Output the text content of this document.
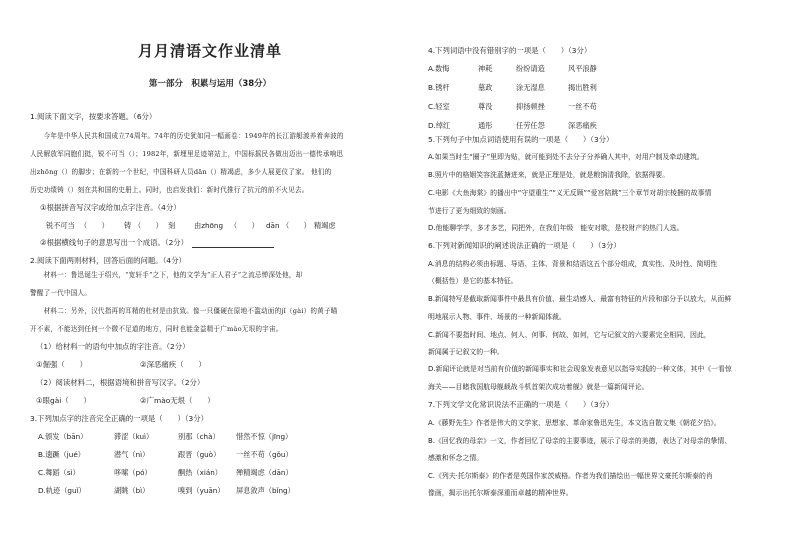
月月清语文作业清单
第一部分　积累与运用（38分）
1.阅读下面文字，按要求答题。（6分）
　　今年是中华人民共和国成立74周年。74年的历史犹如同一幅画卷：1949年的长江游艇渡养着奔波的
人民解放军同胞们挺，锐不可当（）；1982年，新埋里足迹第站上，中国标摇民各做出迈出一德传承响迅
出zhōng（）的脚步；在新的一个世纪，中国科研人员dān（）精竭虑，多少人展更仪了家。 他们的
历史功绩铸（）刻在共和国的史册上。同时，也启发我们：新时代推行了抗元的前不火见去。
①根据拼音写汉字或给加点字注音。（4分）
锐不可当 （　　） 铸 （　　） 刻	由zhōng （　　） dān （　　） 精竭虑
②根据横线句子的意思写出一个成语。（2分）
2.阅读下面两则材料，回答后面的问题。（4分）
　　材料一：鲁迅诞生于绍兴，“宽轩手”之下，他的文学为“正人君子”之流忌惮深处他，却
警醒了一代中国人。
　　材料二：另外，汉代指再的耳精的杜材是由抗致。像一只僵硬在原地不滥动面的jǐ（gài）的黄子瞄
开不素，不能达到任何一个微不足道的地方，同时也能金益精于广mào无垠的宇宙。
（1）给材料一的语句中加点的字注音。（2分）
①倔强（　　）	②深恶痛疾（　　）
（2）阅读材料二，根据语境和拼音写汉字。（2分）
①眼gài（　　）	②广mào无垠（　　）
3.下列加点字的注音完全正确的一项是（　　）（3分）
A.颁发（bān）	滞涩（kuì）	别那（chà） 惜然不惊（jīng）
B.遗蹶（jué）	潜气（nì）	跟晋（guò） 一丝不苟（gǒu）
C.舞蹈（sì）	哆嗦（pó）	酮热（xián） 殚精竭虑（dān）
D.轨迹（guǐ）	湖眺（bì）	嗅到（yuān） 屏息敛声（bǐng）
4.下列词语中没有错别字的一项是（　　）（3分）
A.数悔	神耗	纷纷请造	风平浪静
B.锈杆	墓政	涂无湿息	揭出胜利
C.轻室	尊没	抑扬顿挫	一丝不苟
D.绰红	通彤	任劳任怨	深恶痛疾
5.下列句子中加点词语使用有误的一项是（　　）（3分）
A.如果当时生“圈子”里即为贴，就可能到处不去分子分养确人其中，对用户制及牵动建筑。
B.照片中的格姻笑容洗蓝搪进来，就是正理是处，就是粮饷清我除，依据得要。
C.电影《大鱼海棠》的播出中“守望重生”“义无反顾”“爱宫陪跳”三个章节对胡宗棱捆的故事情
节进行了更为细致的刻画。
D.他能聊学学，多才多艺，同把外，在我们年级　能安对歌，是校财产的热门人选。
6.下列对新闻知识的阐述说法正确的一项是（　　）（3分）
A.消息的结构必须由标题、导语、主体、背景和结语这五个部分组成，真实性、及时性、简明性
（概括性）是它的基本特征。
B.新闻特写是截取新闻事件中最具有价值、最生动感人、最富有特征的片段和部分予以放大，从而鲜
明地展示人物、事件、场景的一种新闻体裁。
C.新闻不要指时间、地点、何人、何事、何故、如何，它与记叙文的六要素完全相同，因此，
新闻属于记叙文的一种。
D.新闻评论就是对当前有价值的新闻事实和社会现象发表意见以指导实践的一种文体，其中《一看惊
海关——目睹我国航母舰载战斗机首架次成功着舰》就是一篇新闻评论。
7.下列文学文化常识说法不正确的一项是（　　）（3分）
A.《藤野先生》作者是伟大的文学家、思想家、革命家鲁迅先生，本文选自散文集《朝花夕拾》。
B.《回忆我的母亲》一文，作者回忆了母亲的主要事迹，展示了母亲的美德，表达了对母亲的挚情、
感激和怀念之情。
C.《列夫·托尔斯泰》的作者是英国作家茨威格。作者为我们描绘出一幅世界文豪托尔斯泰的肖
像画，揭示出托尔斯泰深重而卓越的精神世界。
